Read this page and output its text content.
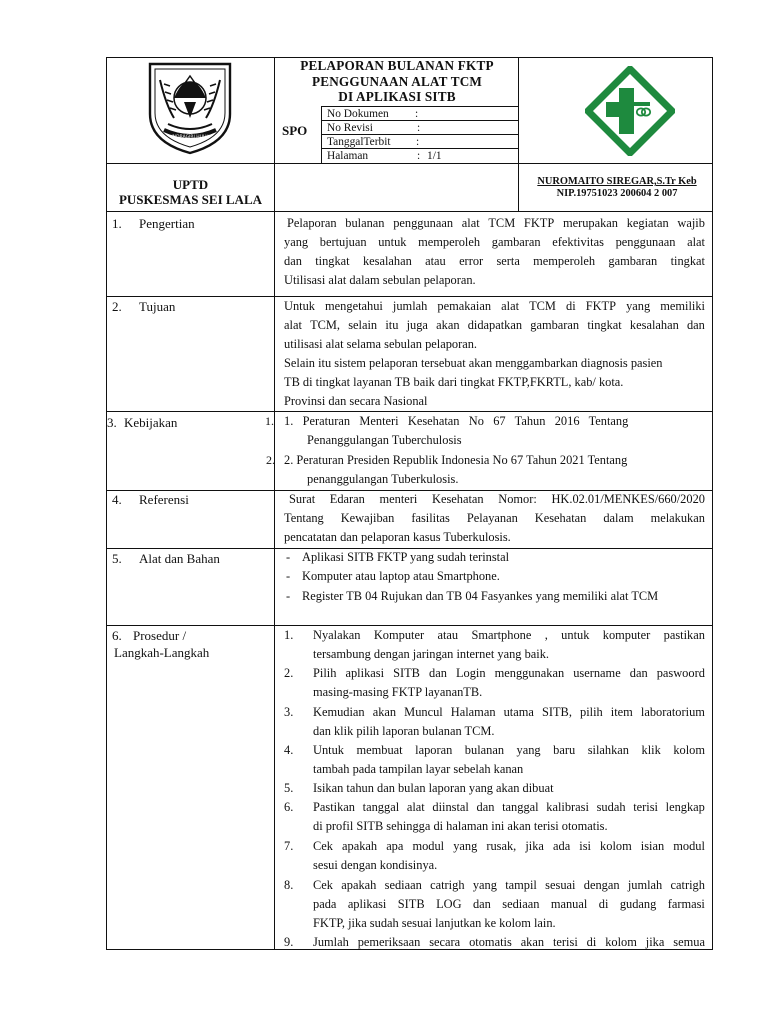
INDRAGIRI HULU
PELAPORAN BULANAN FKTP
PENGGUNAAN ALAT TCM
DI APLIKASI SITB
SPO
No Dokumen :
No Revisi	:
TanggalTerbit :
Halaman	: 1/1
UPTD
PUSKESMAS SEI LALA
NUROMAITO SIREGAR,S.Tr Keb
NIP.19751023 200604 2 007
1. Pengertian	Pelaporan bulanan penggunaan alat TCM FKTP merupakan kegiatan wajib
yang bertujuan untuk memperoleh gambaran efektivitas penggunaan alat
dan tingkat kesalahan atau error serta memperoleh gambaran tingkat
Utilisasi alat dalam sebulan pelaporan.
2. Tujuan	Untuk mengetahui jumlah pemakaian alat TCM di FKTP yang memiliki
alat TCM, selain itu juga akan didapatkan gambaran tingkat kesalahan dan
utilisasi alat selama sebulan pelaporan.
Selain itu sistem pelaporan tersebuat akan menggambarkan diagnosis pasien
TB di tingkat layanan TB baik dari tingkat FKTP,FKRTL, kab/ kota.
Provinsi dan secara Nasional
3. Kebijakan	1.
2.
1.   Peraturan   Menteri   Kesehatan   No   67   Tahun   2016   Tentang
Penanggulangan Tuberchulosis
2. Peraturan Presiden Republik Indonesia No 67 Tahun 2021 Tentang
penanggulangan Tuberkulosis.
4. Referensi	Surat Edaran menteri Kesehatan Nomor: HK.02.01/MENKES/660/2020
Tentang Kewajiban fasilitas Pelayanan Kesehatan dalam melakukan
pencatatan dan pelaporan kasus Tuberkulosis.
5. Alat dan Bahan	- Aplikasi SITB FKTP yang sudah terinstal
- Komputer atau laptop atau Smartphone.
- Register TB 04 Rujukan dan TB 04 Fasyankes yang memiliki alat TCM
6. Prosedur /
Langkah-Langkah
1. Nyalakan Komputer atau Smartphone , untuk komputer pastikan
tersambung dengan jaringan internet yang baik.
2. Pilih aplikasi SITB dan Login menggunakan username dan paswoord
masing-masing FKTP layananTB.
3. Kemudian akan Muncul Halaman utama SITB, pilih item laboratorium
dan klik pilih laporan bulanan TCM.
4. Untuk membuat laporan bulanan yang baru silahkan klik kolom
tambah pada tampilan layar sebelah kanan
5. Isikan tahun dan bulan laporan yang akan dibuat
6. Pastikan tanggal alat diinstal dan tanggal kalibrasi sudah terisi lengkap
di profil SITB sehingga di halaman ini akan terisi otomatis.
7. Cek apakah apa modul yang rusak, jika ada isi kolom isian modul
sesui dengan kondisinya.
8. Cek apakah sediaan catrigh yang tampil sesuai dengan jumlah catrigh
pada aplikasi SITB LOG dan sediaan manual di gudang farmasi
FKTP, jika sudah sesuai lanjutkan ke kolom lain.
9. Jumlah pemeriksaan secara otomatis akan terisi di kolom jika semua
